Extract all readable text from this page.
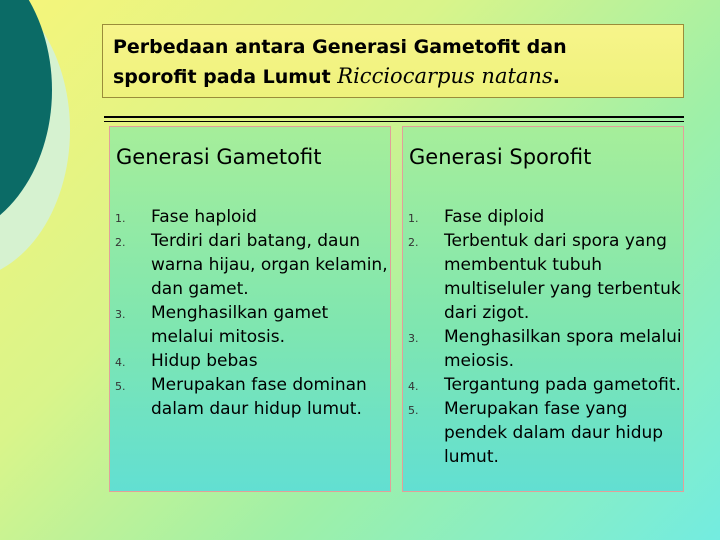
Perbedaan antara Generasi Gametofit dan
sporofit pada Lumut Ricciocarpus natans.
Generasi Gametofit
1. Fase haploid
2. Terdiri dari batang, daun warna hijau, organ kelamin, dan gamet.
3. Menghasilkan gamet melalui mitosis.
4. Hidup bebas
5. Merupakan fase dominan dalam daur hidup lumut.
Generasi Sporofit
1. Fase diploid
2. Terbentuk dari spora yang membentuk tubuh multiseluler yang terbentuk dari zigot.
3. Menghasilkan spora melalui meiosis.
4. Tergantung pada gametofit.
5. Merupakan fase yang pendek dalam daur hidup lumut.
